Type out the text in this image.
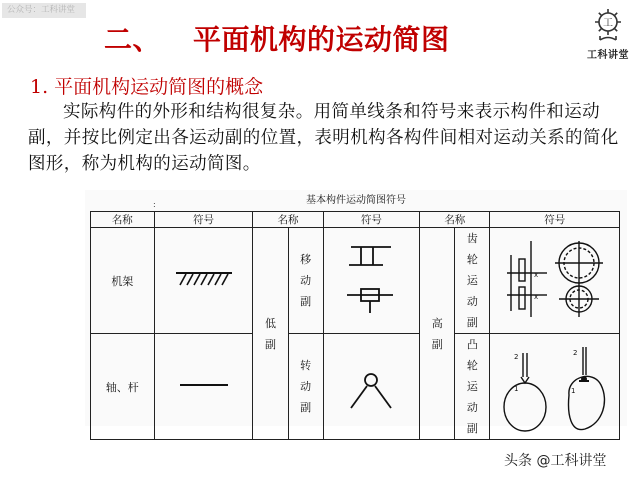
公众号：工科讲堂
二、 平面机构的运动简图	工
工科讲堂
1. 平面机构运动简图的概念
实际构件的外形和结构很复杂。用简单线条和符号来表示构件和运动副，并按比例定出各运动副的位置，表明机构各构件间相对运动关系的简化图形，称为机构的运动简图。
基本构件运动简图符号
:
名称	符号	名称		符号	名称		符号
机架		低副	移动副		高副	齿轮运动副	x
x

轴、杆			转动副			凸轮运动副	2
1
2
1
头条 @工科讲堂
